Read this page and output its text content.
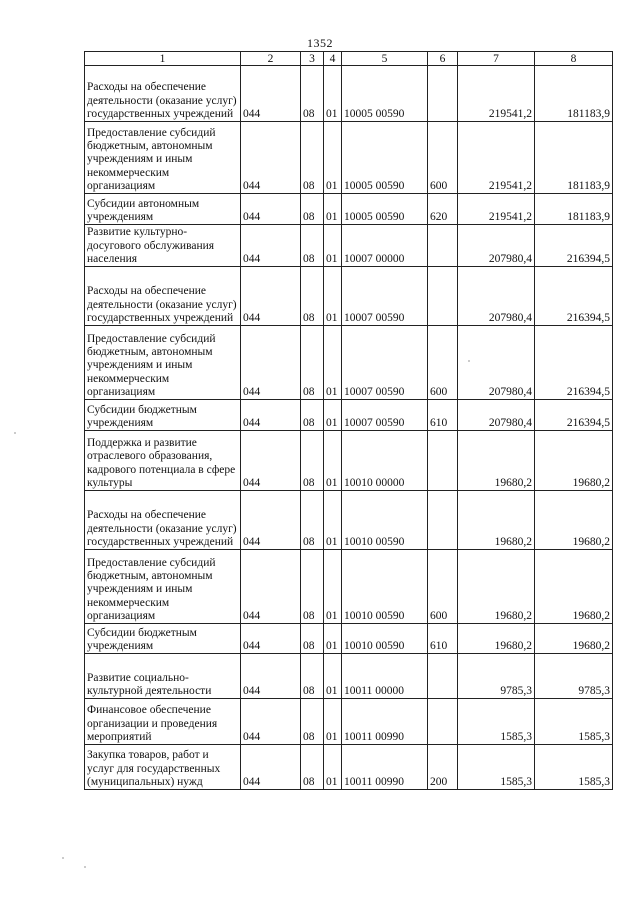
1352
1	2	3	4	5	6	7	8
Расходы на обеспечение деятельности (оказание услуг) государственных учреждений	044	08	01	10005 00590		219541,2	181183,9
Предоставление субсидий бюджетным, автономным учреждениям и иным некоммерческим организациям	044	08	01	10005 00590	600	219541,2	181183,9
Субсидии автономным учреждениям	044	08	01	10005 00590	620	219541,2	181183,9
Развитие культурно-досугового обслуживания населения	044	08	01	10007 00000		207980,4	216394,5
Расходы на обеспечение деятельности (оказание услуг) государственных учреждений	044	08	01	10007 00590		207980,4	216394,5
Предоставление субсидий бюджетным, автономным учреждениям и иным некоммерческим организациям	044	08	01	10007 00590	600	207980,4	216394,5
Субсидии бюджетным учреждениям	044	08	01	10007 00590	610	207980,4	216394,5
Поддержка и развитие отраслевого образования, кадрового потенциала в сфере культуры	044	08	01	10010 00000		19680,2	19680,2
Расходы на обеспечение деятельности (оказание услуг) государственных учреждений	044	08	01	10010 00590		19680,2	19680,2
Предоставление субсидий бюджетным, автономным учреждениям и иным некоммерческим организациям	044	08	01	10010 00590	600	19680,2	19680,2
Субсидии бюджетным учреждениям	044	08	01	10010 00590	610	19680,2	19680,2
Развитие социально-культурной деятельности	044	08	01	10011 00000		9785,3	9785,3
Финансовое обеспечение организации и проведения мероприятий	044	08	01	10011 00990		1585,3	1585,3
Закупка товаров, работ и услуг для государственных (муниципальных) нужд	044	08	01	10011 00990	200	1585,3	1585,3
